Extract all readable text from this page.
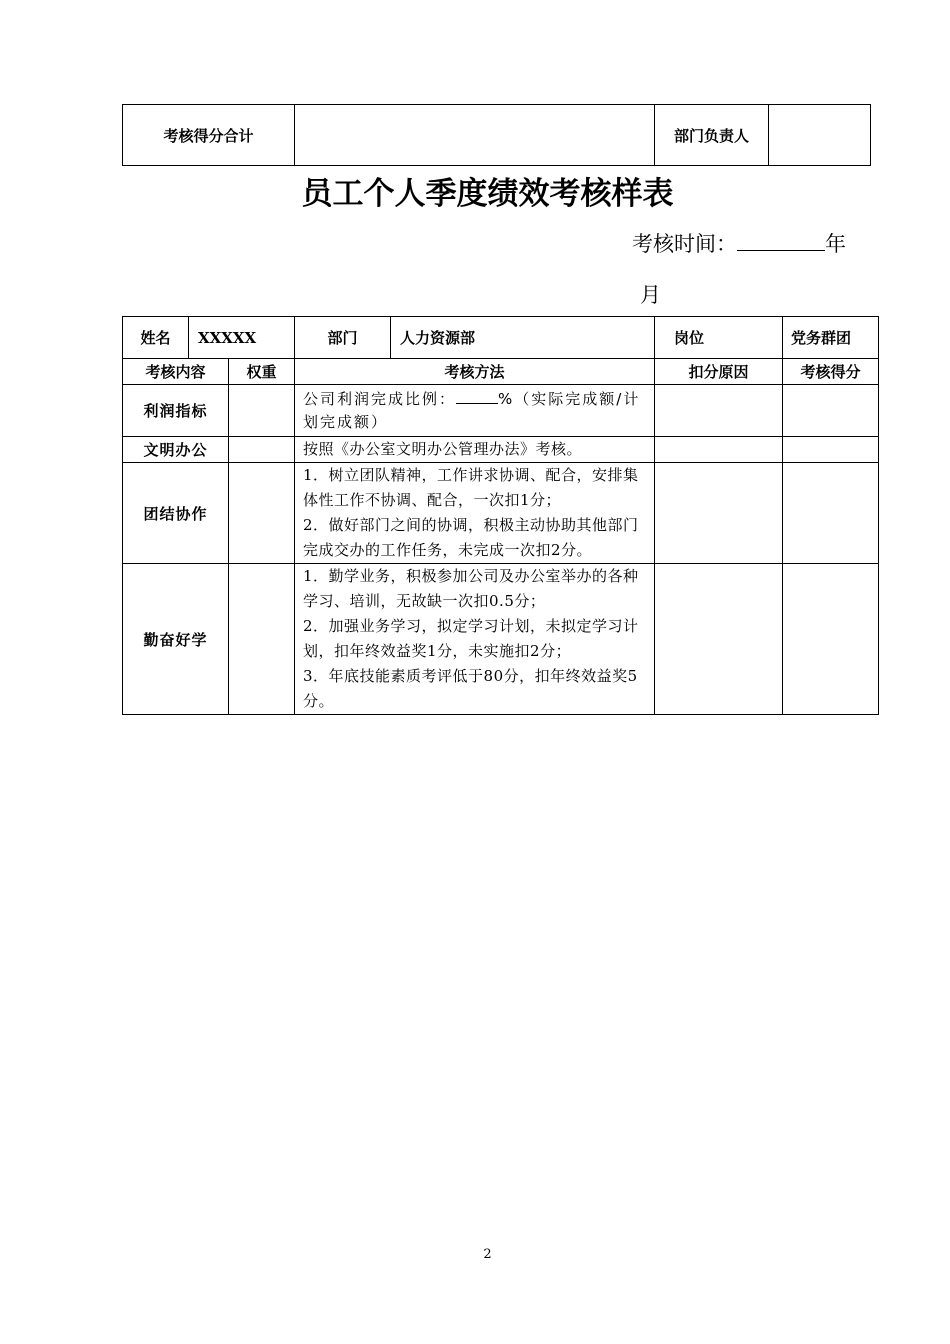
考核得分合计		部门负责人	
员工个人季度绩效考核样表
考核时间：	年
月
姓名	XXXXX		部门	人力资源部	岗位	党务群团
考核内容		权重	考核方法		扣分原因	考核得分
利润指标			公司利润完成比例： %（实际完成额/计划完成额）			
文明办公			按照《办公室文明办公管理办法》考核。			

团结协作			1．树立团队精神，工作讲求协调、配合，安排集体性工作不协调、配合，一次扣1分；
2．做好部门之间的协调，积极主动协助其他部门完成交办的工作任务，未完成一次扣2分。			

勤奋好学			1．勤学业务，积极参加公司及办公室举办的各种学习、培训，无故缺一次扣0.5分；
2．加强业务学习，拟定学习计划，未拟定学习计划，扣年终效益奖1分，未实施扣2分；
3．年底技能素质考评低于80分，扣年终效益奖5分。			

2
